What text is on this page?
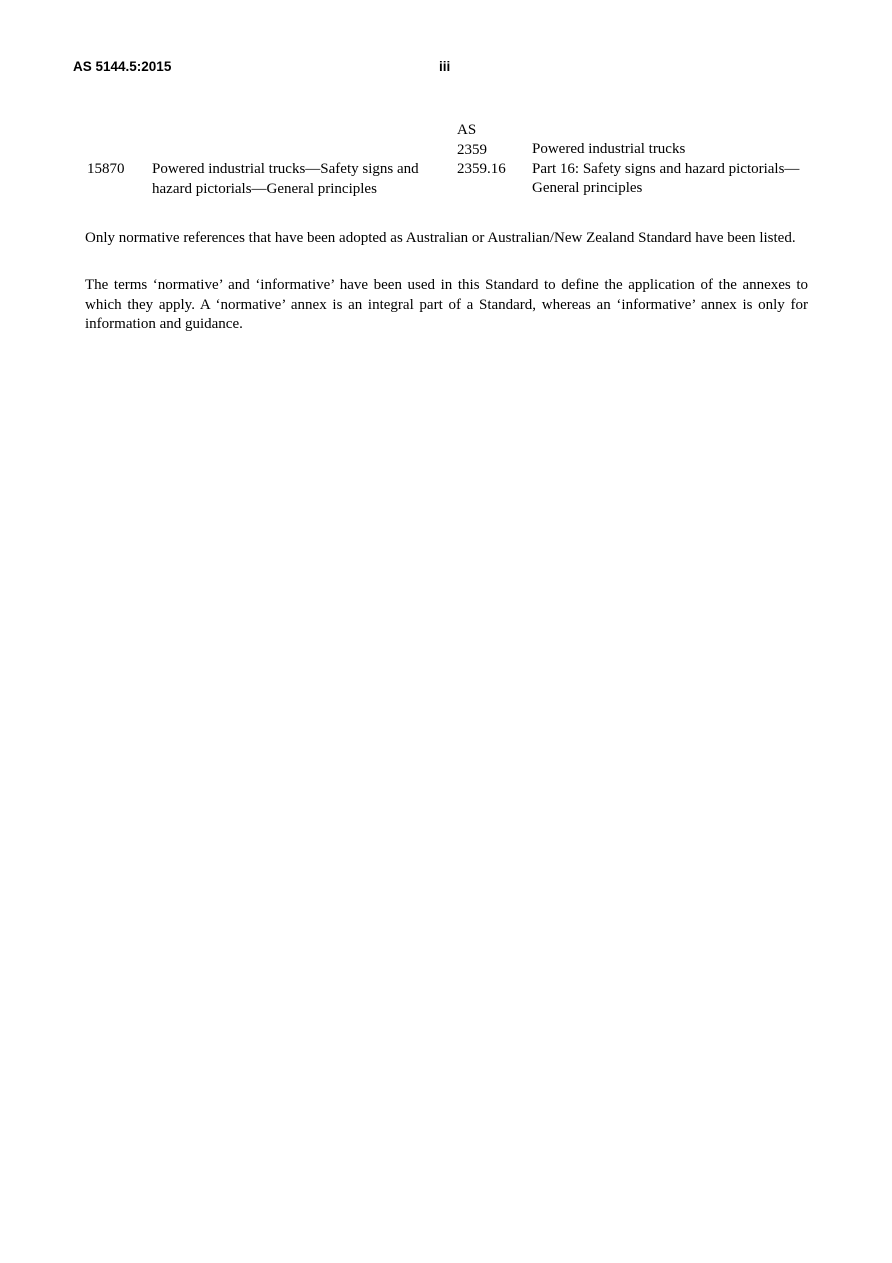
AS 5144.5:2015	iii
15870	Powered industrial trucks—Safety signs and hazard pictorials—General principles
AS
2359
2359.16
Powered industrial trucks
Part 16: Safety signs and hazard pictorials—General principles

Only normative references that have been adopted as Australian or Australian/New Zealand Standard have been listed.

The terms ‘normative’ and ‘informative’ have been used in this Standard to define the application of the annexes to which they apply. A ‘normative’ annex is an integral part of a Standard, whereas an ‘informative’ annex is only for information and guidance.
